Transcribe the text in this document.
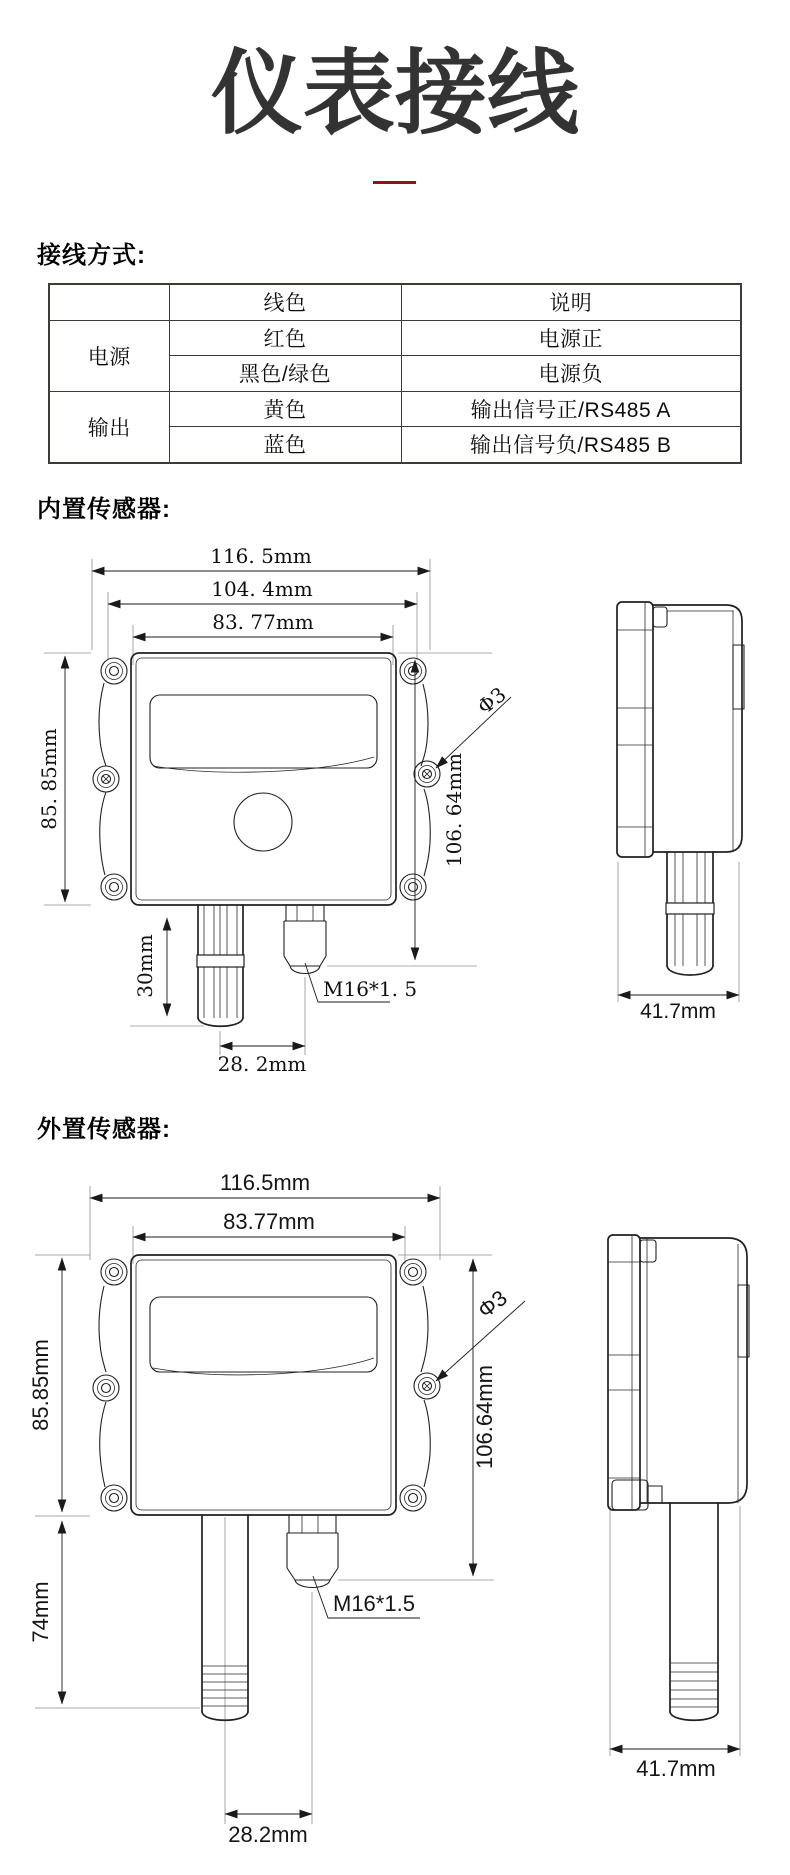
仪表接线
接线方式:
	线色	说明
电源	红色	电源正
	黑色/绿色	电源负
输出	黄色	输出信号正/RS485 A
	蓝色	输出信号负/RS485 B
内置传感器:
116. 5mm
104. 4mm
83. 77mm
85. 85mm
30mm
28. 2mm
M16*1. 5
Φ3
106. 64mm
41.7mm
外置传感器:
116.5mm
83.77mm
85.85mm
74mm
28.2mm
M16*1.5
Φ3
106.64mm
41.7mm
